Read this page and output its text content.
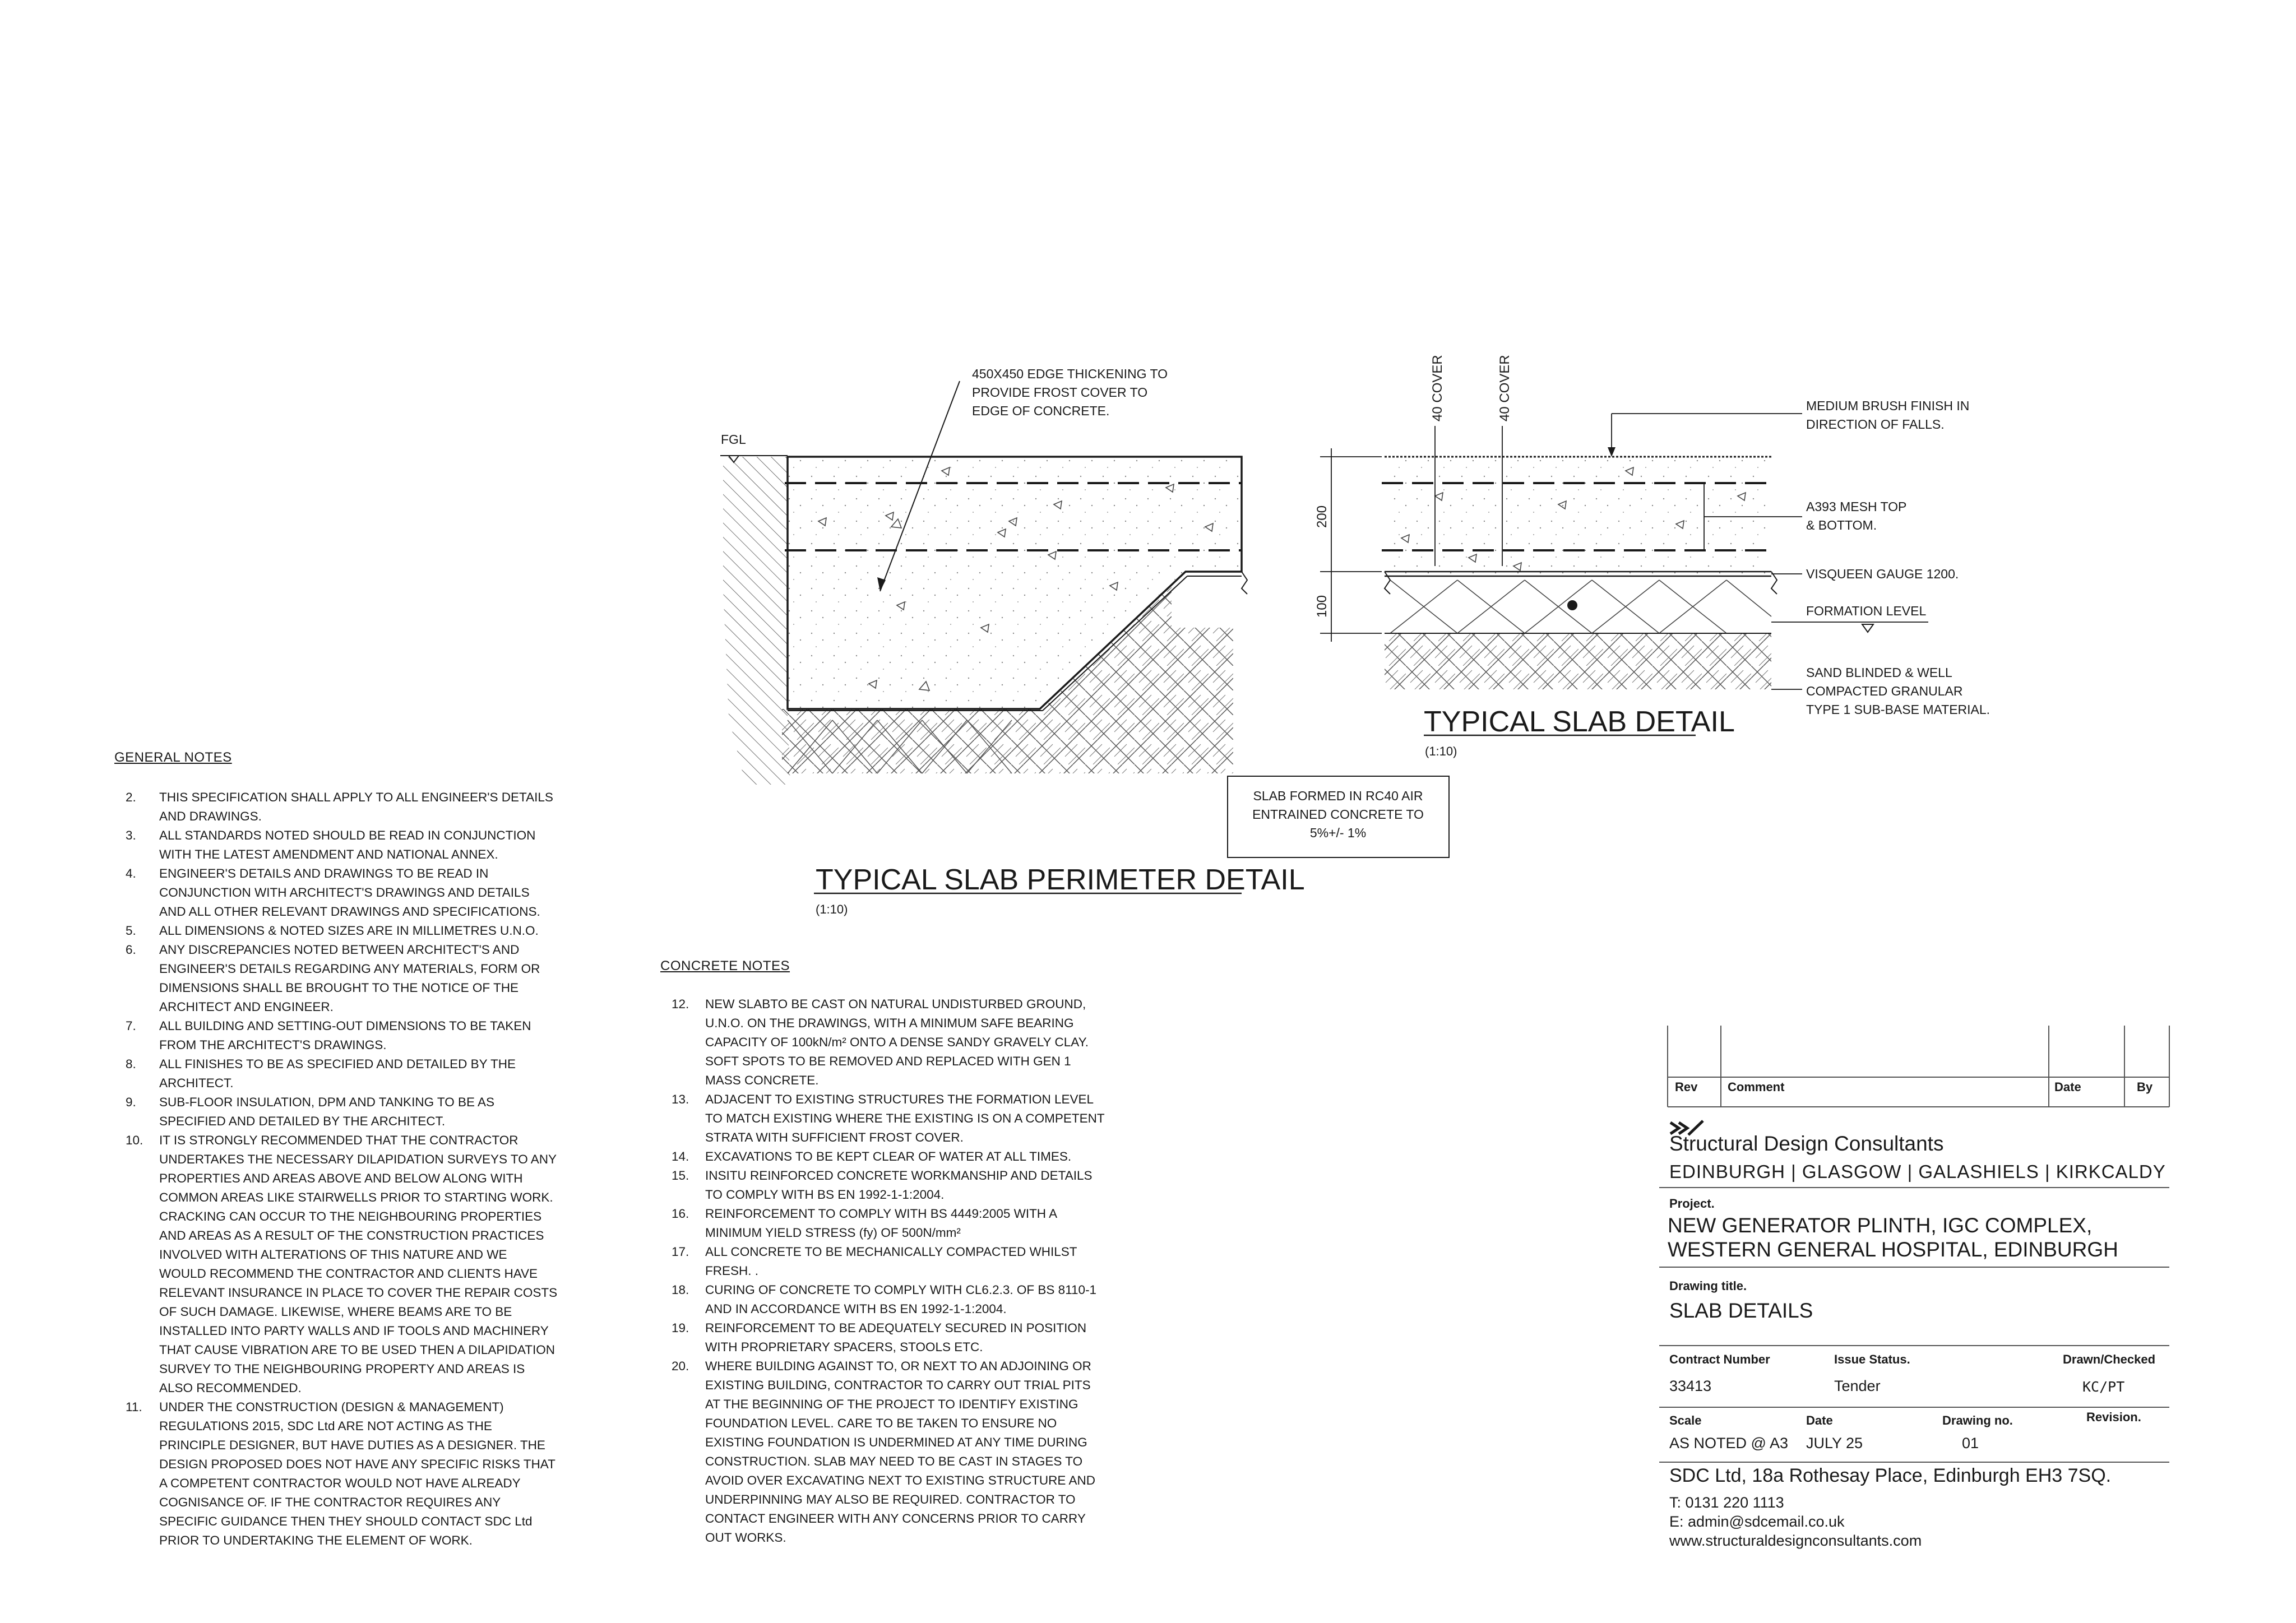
FGL
450X450 EDGE THICKENING TO
PROVIDE FROST COVER TO
EDGE OF CONCRETE.
SLAB FORMED IN RC40 AIR
ENTRAINED CONCRETE TO
5%+/- 1%
TYPICAL SLAB PERIMETER DETAIL
(1:10)
40 COVER	40 COVER
200
100
MEDIUM BRUSH FINISH IN
DIRECTION OF FALLS.
A393 MESH TOP
& BOTTOM.
VISQUEEN GAUGE 1200.
FORMATION LEVEL
SAND BLINDED & WELL
COMPACTED GRANULAR
TYPE 1 SUB-BASE MATERIAL.
TYPICAL SLAB DETAIL
(1:10)
GENERAL NOTES
2. THIS SPECIFICATION SHALL APPLY TO ALL ENGINEER'S DETAILS
AND DRAWINGS.
3. ALL STANDARDS NOTED SHOULD BE READ IN CONJUNCTION
WITH THE LATEST AMENDMENT AND NATIONAL ANNEX.
4. ENGINEER'S DETAILS AND DRAWINGS TO BE READ IN
CONJUNCTION WITH ARCHITECT'S DRAWINGS AND DETAILS
AND ALL OTHER RELEVANT DRAWINGS AND SPECIFICATIONS.
5. ALL DIMENSIONS & NOTED SIZES ARE IN MILLIMETRES U.N.O.
6. ANY DISCREPANCIES NOTED BETWEEN ARCHITECT'S AND
ENGINEER'S DETAILS REGARDING ANY MATERIALS, FORM OR
DIMENSIONS SHALL BE BROUGHT TO THE NOTICE OF THE
ARCHITECT AND ENGINEER.
7. ALL BUILDING AND SETTING-OUT DIMENSIONS TO BE TAKEN
FROM THE ARCHITECT'S DRAWINGS.
8. ALL FINISHES TO BE AS SPECIFIED AND DETAILED BY THE
ARCHITECT.
9. SUB-FLOOR INSULATION, DPM AND TANKING TO BE AS
SPECIFIED AND DETAILED BY THE ARCHITECT.
10. IT IS STRONGLY RECOMMENDED THAT THE CONTRACTOR
UNDERTAKES THE NECESSARY DILAPIDATION SURVEYS TO ANY
PROPERTIES AND AREAS ABOVE AND BELOW ALONG WITH
COMMON AREAS LIKE STAIRWELLS PRIOR TO STARTING WORK.
CRACKING CAN OCCUR TO THE NEIGHBOURING PROPERTIES
AND AREAS AS A RESULT OF THE CONSTRUCTION PRACTICES
INVOLVED WITH ALTERATIONS OF THIS NATURE AND WE
WOULD RECOMMEND THE CONTRACTOR AND CLIENTS HAVE
RELEVANT INSURANCE IN PLACE TO COVER THE REPAIR COSTS
OF SUCH DAMAGE. LIKEWISE, WHERE BEAMS ARE TO BE
INSTALLED INTO PARTY WALLS AND IF TOOLS AND MACHINERY
THAT CAUSE VIBRATION ARE TO BE USED THEN A DILAPIDATION
SURVEY TO THE NEIGHBOURING PROPERTY AND AREAS IS
ALSO RECOMMENDED.
11. UNDER THE CONSTRUCTION (DESIGN & MANAGEMENT)
REGULATIONS 2015, SDC Ltd ARE NOT ACTING AS THE
PRINCIPLE DESIGNER, BUT HAVE DUTIES AS A DESIGNER. THE
DESIGN PROPOSED DOES NOT HAVE ANY SPECIFIC RISKS THAT
A COMPETENT CONTRACTOR WOULD NOT HAVE ALREADY
COGNISANCE OF. IF THE CONTRACTOR REQUIRES ANY
SPECIFIC GUIDANCE THEN THEY SHOULD CONTACT SDC Ltd
PRIOR TO UNDERTAKING THE ELEMENT OF WORK.
CONCRETE NOTES
12. NEW SLABTO BE CAST ON NATURAL UNDISTURBED GROUND,
U.N.O. ON THE DRAWINGS, WITH A MINIMUM SAFE BEARING
CAPACITY OF 100kN/m² ONTO A DENSE SANDY GRAVELY CLAY.
SOFT SPOTS TO BE REMOVED AND REPLACED WITH GEN 1
MASS CONCRETE.
13. ADJACENT TO EXISTING STRUCTURES THE FORMATION LEVEL
TO MATCH EXISTING WHERE THE EXISTING IS ON A COMPETENT
STRATA WITH SUFFICIENT FROST COVER.
14. EXCAVATIONS TO BE KEPT CLEAR OF WATER AT ALL TIMES.
15. INSITU REINFORCED CONCRETE WORKMANSHIP AND DETAILS
TO COMPLY WITH BS EN 1992-1-1:2004.
16. REINFORCEMENT TO COMPLY WITH BS 4449:2005 WITH A
MINIMUM YIELD STRESS (fy) OF 500N/mm²
17. ALL CONCRETE TO BE MECHANICALLY COMPACTED WHILST
FRESH. .
18. CURING OF CONCRETE TO COMPLY WITH CL6.2.3. OF BS 8110-1
AND IN ACCORDANCE WITH BS EN 1992-1-1:2004.
19. REINFORCEMENT TO BE ADEQUATELY SECURED IN POSITION
WITH PROPRIETARY SPACERS, STOOLS ETC.
20. WHERE BUILDING AGAINST TO, OR NEXT TO AN ADJOINING OR
EXISTING BUILDING, CONTRACTOR TO CARRY OUT TRIAL PITS
AT THE BEGINNING OF THE PROJECT TO IDENTIFY EXISTING
FOUNDATION LEVEL. CARE TO BE TAKEN TO ENSURE NO
EXISTING FOUNDATION IS UNDERMINED AT ANY TIME DURING
CONSTRUCTION. SLAB MAY NEED TO BE CAST IN STAGES TO
AVOID OVER EXCAVATING NEXT TO EXISTING STRUCTURE AND
UNDERPINNING MAY ALSO BE REQUIRED. CONTRACTOR TO
CONTACT ENGINEER WITH ANY CONCERNS PRIOR TO CARRY
OUT WORKS.
Rev Comment	Date	By
Structural Design Consultants
EDINBURGH | GLASGOW | GALASHIELS | KIRKCALDY
Project.
NEW GENERATOR PLINTH, IGC COMPLEX,
WESTERN GENERAL HOSPITAL, EDINBURGH
Drawing title.
SLAB DETAILS
Contract Number
33413
Issue Status.
Tender
Drawn/Checked
KC/PT
Scale
AS NOTED @ A3
Date
JULY 25
Drawing no.
01
Revision.
SDC Ltd, 18a Rothesay Place, Edinburgh EH3 7SQ.
T: 0131 220 1113
E: admin@sdcemail.co.uk
www.structuraldesignconsultants.com
